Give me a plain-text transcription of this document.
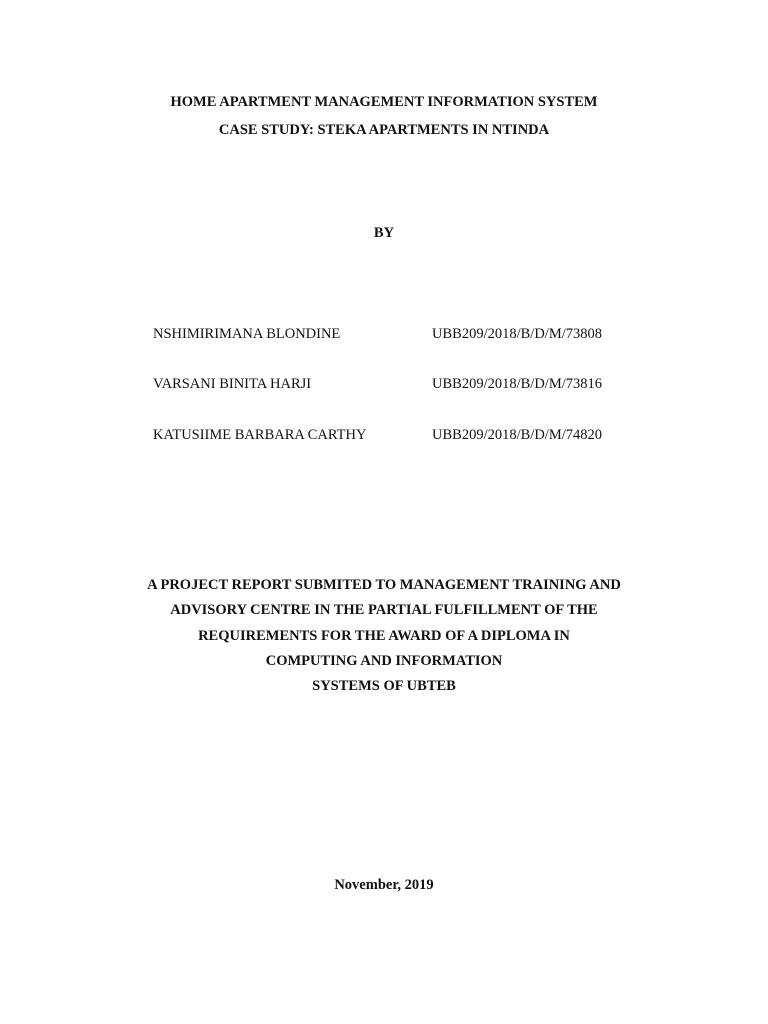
HOME APARTMENT MANAGEMENT INFORMATION SYSTEM
CASE STUDY: STEKA APARTMENTS IN NTINDA
BY
NSHIMIRIMANA BLONDINE	UBB209/2018/B/D/M/73808
VARSANI BINITA HARJI	UBB209/2018/B/D/M/73816
KATUSIIME BARBARA CARTHY	UBB209/2018/B/D/M/74820
A PROJECT REPORT SUBMITED TO MANAGEMENT TRAINING AND
ADVISORY CENTRE IN THE PARTIAL FULFILLMENT OF THE
REQUIREMENTS FOR THE AWARD OF A DIPLOMA IN
COMPUTING AND INFORMATION
SYSTEMS OF UBTEB
November, 2019
